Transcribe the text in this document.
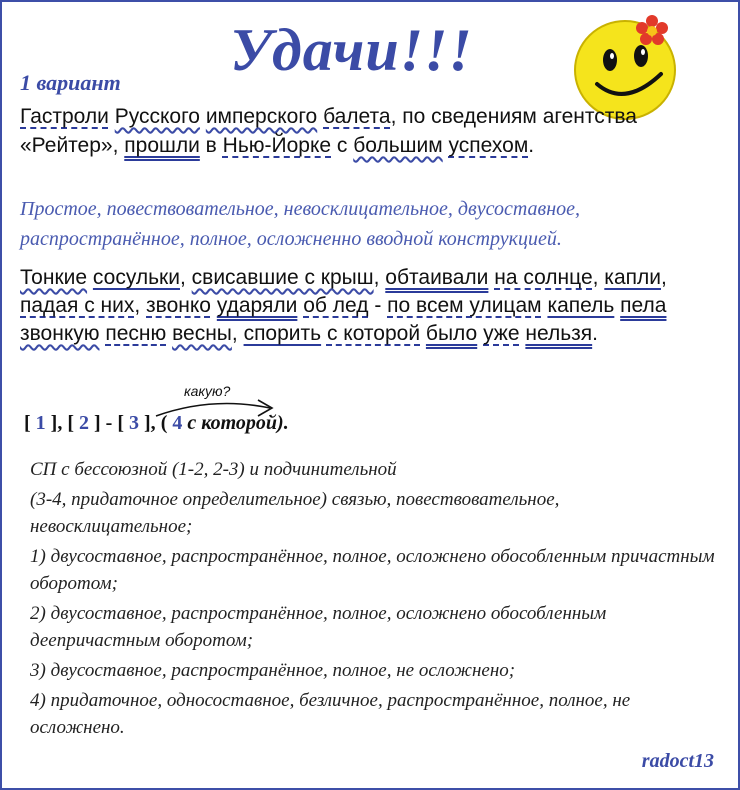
Удачи!!!
1 вариант
Гастроли Русского имперского балета, по сведениям агентства «Рейтер», прошли в Нью-Йорке с большим успехом.
Простое, повествовательное, невосклицательное, двусоставное, распространённое, полное, осложненно вводной конструкцией.
Тонкие сосульки, свисавшие с крыш, обтаивали на солнце, капли, падая с них, звонко ударяли об лед - по всем улицам капель пела звонкую песню весны, спорить с которой было уже нельзя.
какую?
[ 1 ], [ 2 ] - [ 3 ], ( 4 с которой).

СП с бессоюзной (1-2, 2-3) и подчинительной

(3-4, придаточное определительное) связью, повествовательное, невосклицательное;

1) двусоставное, распространённое, полное, осложнено обособленным причастным оборотом;

2) двусоставное, распространённое, полное, осложнено обособленным деепричастным оборотом;

3) двусоставное, распространённое, полное, не осложнено;

4) придаточное, односоставное, безличное, распространённое, полное, не осложнено.

radoct13
